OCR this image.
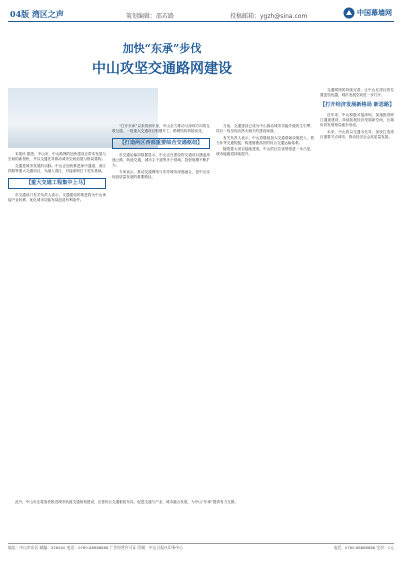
04版 湾区之声	策划编辑：邵若路	投稿邮箱：ygzh@sina.com	中国幕墙网
加快“东承”步伐
中山攻坚交通路网建设

本报讯 据悉，中山市，中山路网的加快建设正带来发展与空间的新契机，并以交通先导推动城市空间拓展与格局重构。

交通是城市发展的动脉。中山正加快推进深中通道、深江铁路等重大交通项目，为融入湾区、对接深圳打下坚实基础。

【重大交通工程集中上马】

市交通部门有关负责人表示，交通建设的推进将为中山承接产业转移、优化城市功能布局创造有利条件。

“打开东承”以来的两年里，中山全力推动与深圳方向的互联互通，一批重大交通项目相继开工，路网结构持续优化。

【打造两区西部重要综合交通枢纽】

市交通运输局数据显示，中山正在建设的交通项目涵盖高速公路、轨道交通、城市主干道等多个领域，投资规模不断扩大。

专家表示，推动交通网络与东岸城市深度融合，是中山实现高质量发展的重要路径。

当前，交通建设已成为中山推动城市功能升级的主引擎，项目一线呈现出热火朝天的建设场面。

有关负责人表示，中山将继续加大交通基础设施投入，着力补齐交通短板，构建便捷高效的综合交通运输体系。

随着重大项目陆续建成，中山的区位优势将进一步凸显，城市能级将持续提升。

交通网络的持续完善，让中山在湾区的位置更加优越，城市发展空间进一步打开。

【打开经济发展新格局 新思路】

近年来，中山积极对接深圳，加速推进跨江通道建设，持续拓展经济发展新空间，区域协同发展格局逐步形成。

未来，中山将以交通为先导，加快打造湾区重要节点城市，推动经济社会高质量发展。

此外，中山市还将加快推进城市轨道交通规划建设，完善综合交通枢纽布局，促进交通与产业、城市融合发展，为中山“东承”提供有力支撑。

地址：中山市东区 邮编：528400 电话：0760-88888888 广告经营许可证 印刷：中山日报社印务中心	电话：0760-88888888 定价：1元
